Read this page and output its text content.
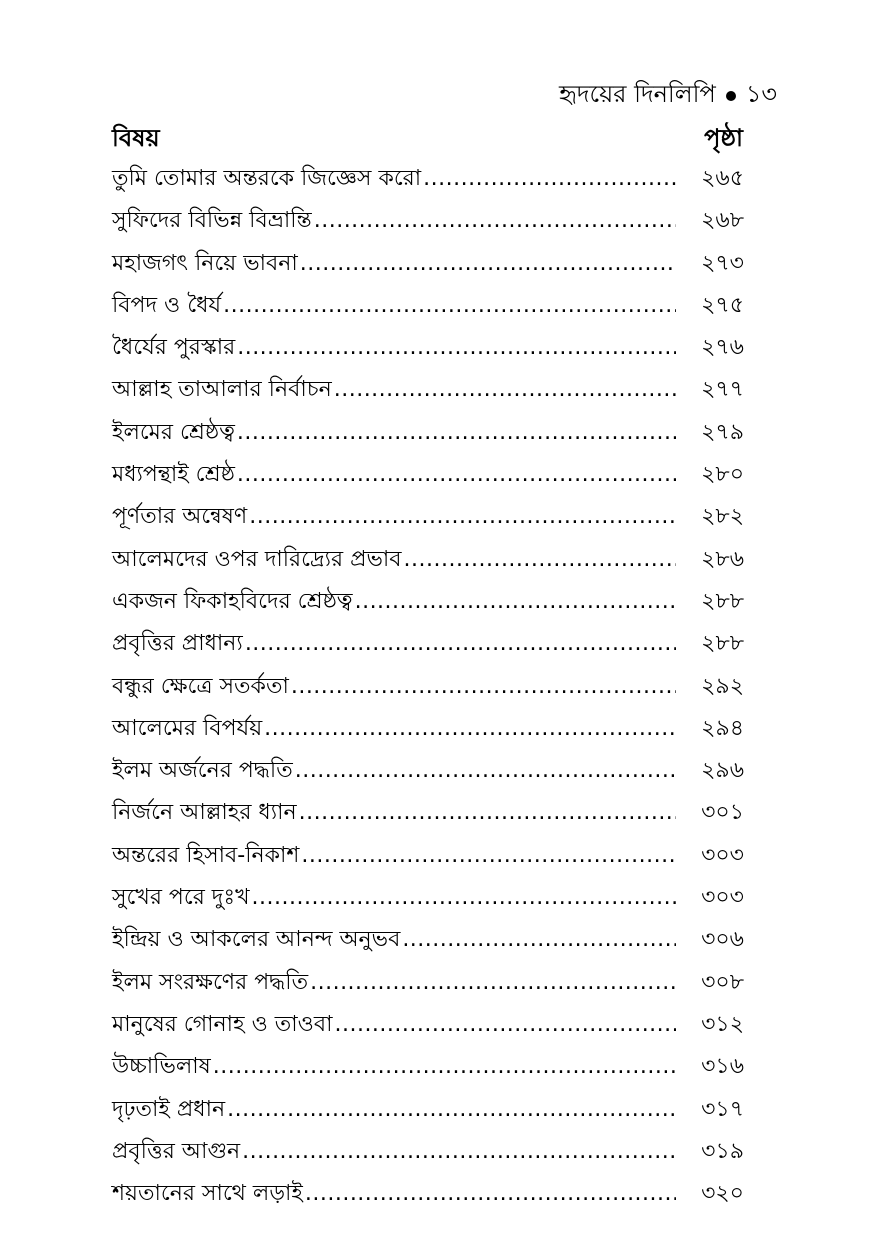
হৃদয়ের দিনলিপি ১৩
বিষয়	পৃষ্ঠা
তুমি তোমার অন্তরকে জিজ্ঞেস করো .....	২৬৫
সুফিদের বিভিন্ন বিভ্রান্তি .....	২৬৮
মহাজগৎ নিয়ে ভাবনা .....	২৭৩
বিপদ ও ধৈর্য .....	২৭৫
ধৈর্যের পুরস্কার .....	২৭৬
আল্লাহ তাআলার নির্বাচন .....	২৭৭
ইলমের শ্রেষ্ঠত্ব .....	২৭৯
মধ্যপন্থাই শ্রেষ্ঠ .....	২৮০
পূর্ণতার অন্বেষণ .....	২৮২
আলেমদের ওপর দারিদ্র্যের প্রভাব .....	২৮৬
একজন ফিকাহবিদের শ্রেষ্ঠত্ব .....	২৮৮
প্রবৃত্তির প্রাধান্য .....	২৮৮
বন্ধুর ক্ষেত্রে সতর্কতা .....	২৯২
আলেমের বিপর্যয় .....	২৯৪
ইলম অর্জনের পদ্ধতি .....	২৯৬
নির্জনে আল্লাহর ধ্যান .....	৩০১
অন্তরের হিসাব-নিকাশ .....	৩০৩
সুখের পরে দুঃখ .....	৩০৩
ইন্দ্রিয় ও আকলের আনন্দ অনুভব .....	৩০৬
ইলম সংরক্ষণের পদ্ধতি .....	৩০৮
মানুষের গোনাহ ও তাওবা .....	৩১২
উচ্চাভিলাষ .....	৩১৬
দৃঢ়তাই প্রধান .....	৩১৭
প্রবৃত্তির আগুন .....	৩১৯
শয়তানের সাথে লড়াই .....	৩২০
